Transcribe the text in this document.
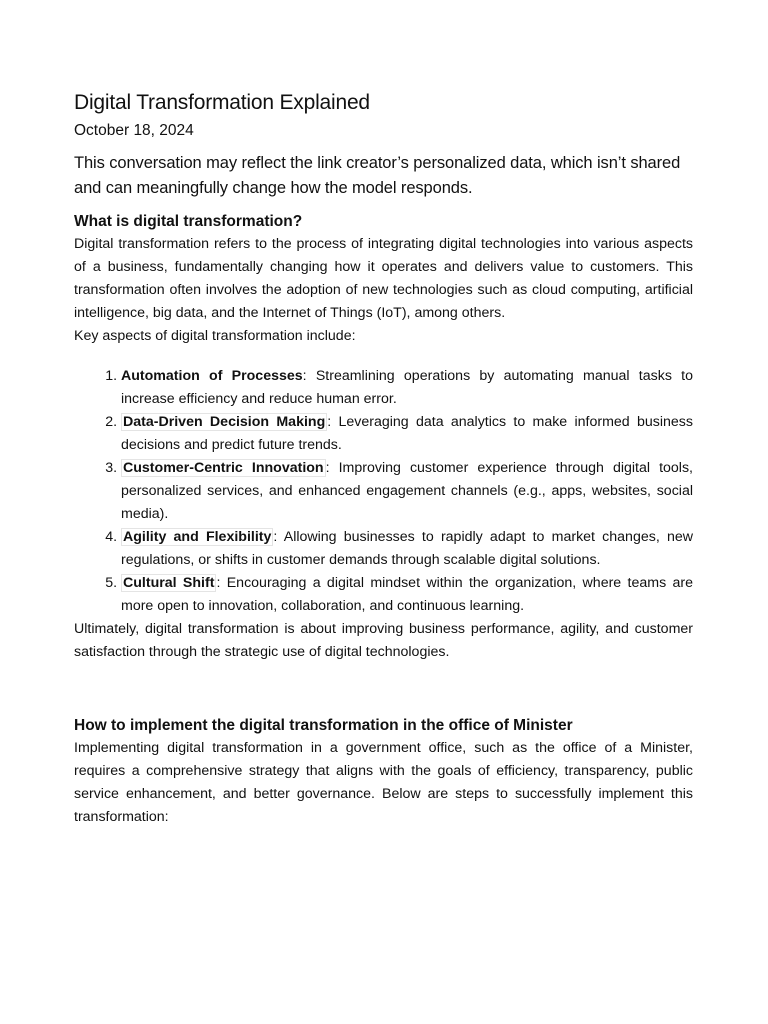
Digital Transformation Explained
October 18, 2024

This conversation may reflect the link creator’s personalized data, which isn’t shared and can meaningfully change how the model responds.

What is digital transformation?

Digital transformation refers to the process of integrating digital technologies into various aspects of a business, fundamentally changing how it operates and delivers value to customers. This transformation often involves the adoption of new technologies such as cloud computing, artificial intelligence, big data, and the Internet of Things (IoT), among others.

Key aspects of digital transformation include:

1. Automation of Processes: Streamlining operations by automating manual tasks to increase efficiency and reduce human error.
2. Data-Driven Decision Making : Leveraging data analytics to make informed business decisions and predict future trends.
3. Customer-Centric Innovation : Improving customer experience through digital tools, personalized services, and enhanced engagement channels (e.g., apps, websites, social media).
4. Agility and Flexibility : Allowing businesses to rapidly adapt to market changes, new regulations, or shifts in customer demands through scalable digital solutions.
5. Cultural Shift : Encouraging a digital mindset within the organization, where teams are more open to innovation, collaboration, and continuous learning.

Ultimately, digital transformation is about improving business performance, agility, and customer satisfaction through the strategic use of digital technologies.

How to implement the digital transformation in the office of Minister

Implementing digital transformation in a government office, such as the office of a Minister, requires a comprehensive strategy that aligns with the goals of efficiency, transparency, public service enhancement, and better governance. Below are steps to successfully implement this transformation:
